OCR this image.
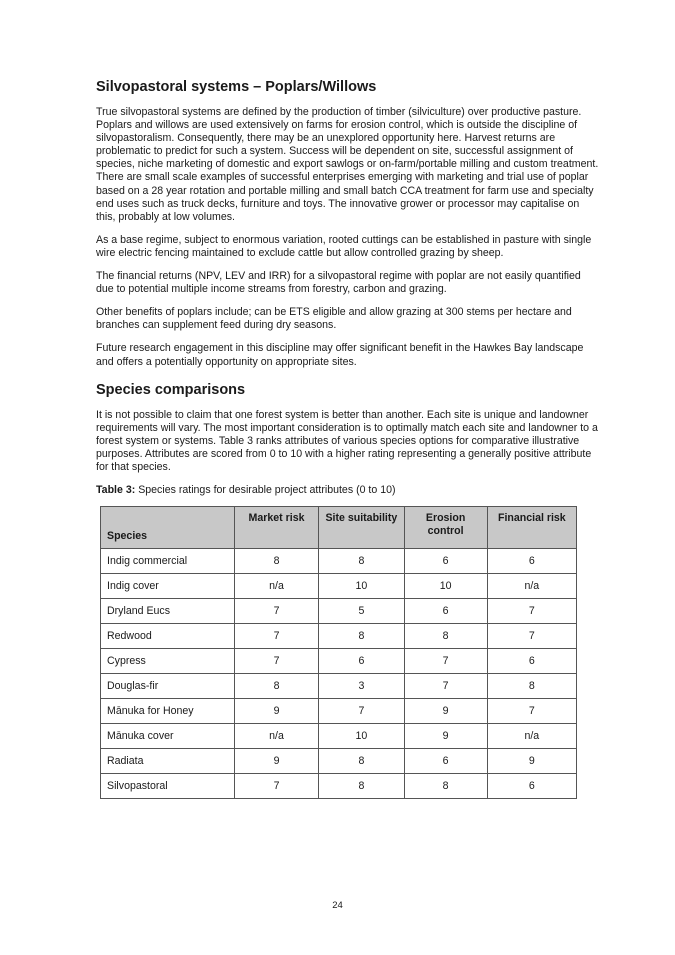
Silvopastoral systems – Poplars/Willows

True silvopastoral systems are defined by the production of timber (silviculture) over productive pasture. Poplars and willows are used extensively on farms for erosion control, which is outside the discipline of silvopastoralism. Consequently, there may be an unexplored opportunity here. Harvest returns are problematic to predict for such a system. Success will be dependent on site, successful assignment of species, niche marketing of domestic and export sawlogs or on-farm/portable milling and custom treatment. There are small scale examples of successful enterprises emerging with marketing and trial use of poplar based on a 28 year rotation and portable milling and small batch CCA treatment for farm use and specialty end uses such as truck decks, furniture and toys. The innovative grower or processor may capitalise on this, probably at low volumes.

As a base regime, subject to enormous variation, rooted cuttings can be established in pasture with single wire electric fencing maintained to exclude cattle but allow controlled grazing by sheep.

The financial returns (NPV, LEV and IRR) for a silvopastoral regime with poplar are not easily quantified due to potential multiple income streams from forestry, carbon and grazing.

Other benefits of poplars include; can be ETS eligible and allow grazing at 300 stems per hectare and branches can supplement feed during dry seasons.

Future research engagement in this discipline may offer significant benefit in the Hawkes Bay landscape and offers a potentially opportunity on appropriate sites.

Species comparisons

It is not possible to claim that one forest system is better than another. Each site is unique and landowner requirements will vary. The most important consideration is to optimally match each site and landowner to a forest system or systems. Table 3 ranks attributes of various species options for comparative illustrative purposes. Attributes are scored from 0 to 10 with a higher rating representing a generally positive attribute for that species.

Table 3: Species ratings for desirable project attributes (0 to 10)
Species	Market risk	Site suitability	Erosion control	Financial risk
Indig commercial	8	8	6	6
Indig cover	n/a	10	10	n/a
Dryland Eucs	7	5	6	7
Redwood	7	8	8	7
Cypress	7	6	7	6
Douglas-fir	8	3	7	8
Mānuka for Honey	9	7	9	7
Mānuka cover	n/a	10	9	n/a
Radiata	9	8	6	9
Silvopastoral	7	8	8	6
24
